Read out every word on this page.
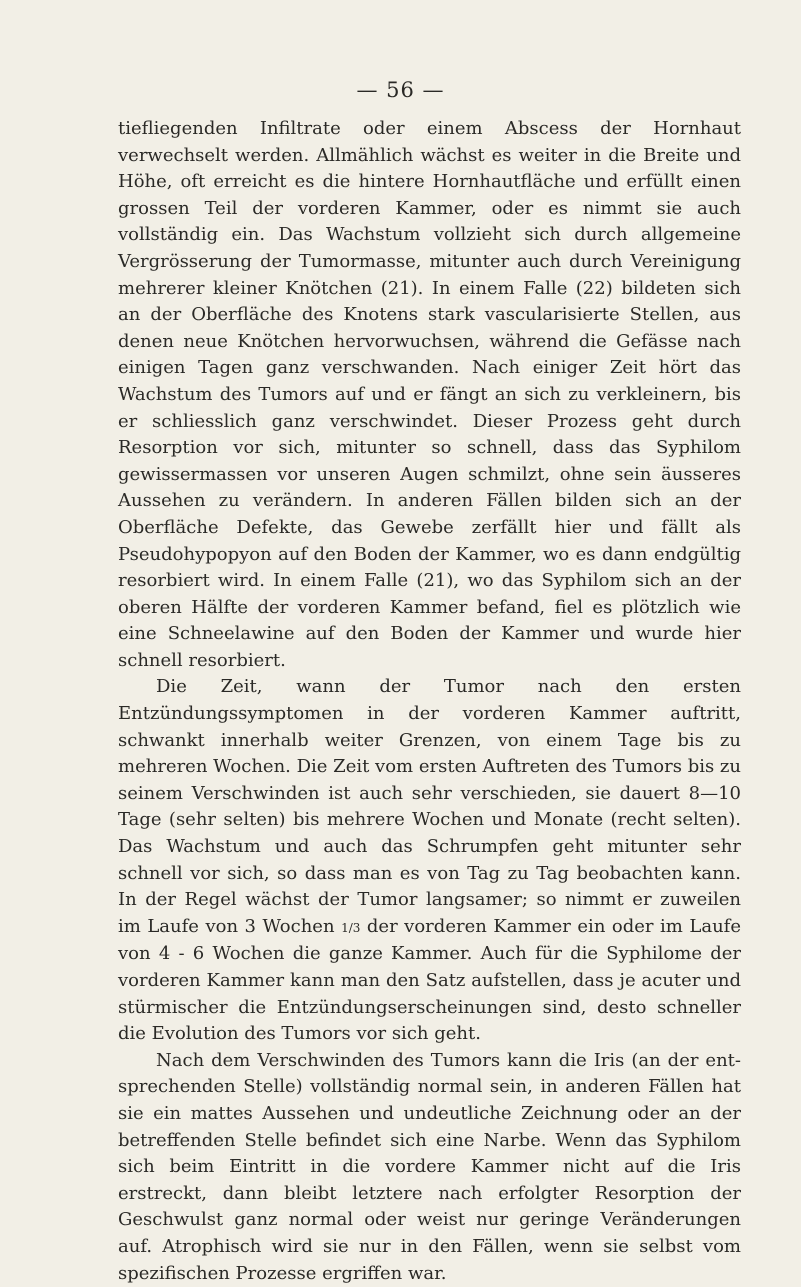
— 56 —

tiefliegenden Infiltrate oder einem Abscess der Hornhaut verwechselt werden. Allmählich wächst es weiter in die Breite und Höhe, oft erreicht es die hintere Hornhautfläche und erfüllt einen grossen Teil der vorderen Kammer, oder es nimmt sie auch vollständig ein. Das Wachstum vollzieht sich durch allgemeine Vergrösserung der Tumormasse, mitunter auch durch Vereinigung mehrerer kleiner Knötchen (21). In einem Falle (22) bildeten sich an der Oberfläche des Knotens stark vascularisierte Stellen, aus denen neue Knötchen hervorwuchsen, während die Gefässe nach einigen Tagen ganz verschwanden. Nach einiger Zeit hört das Wachstum des Tumors auf und er fängt an sich zu verkleinern, bis er schliesslich ganz verschwindet. Dieser Prozess geht durch Resorption vor sich, mitunter so schnell, dass das Syphilom gewissermassen vor unseren Augen schmilzt, ohne sein äusseres Aussehen zu verändern. In anderen Fällen bilden sich an der Oberfläche Defekte, das Gewebe zerfällt hier und fällt als Pseudohypopyon auf den Boden der Kammer, wo es dann endgültig resorbiert wird. In einem Falle (21), wo das Syphilom sich an der oberen Hälfte der vorderen Kammer befand, fiel es plötzlich wie eine Schneelawine auf den Boden der Kammer und wurde hier schnell resorbiert.

Die Zeit, wann der Tumor nach den ersten Entzündungssymptomen in der vorderen Kammer auftritt, schwankt innerhalb weiter Grenzen, von einem Tage bis zu mehreren Wochen. Die Zeit vom ersten Auftreten des Tumors bis zu seinem Verschwinden ist auch sehr verschieden, sie dauert 8—10 Tage (sehr selten) bis mehrere Wochen und Monate (recht selten). Das Wachstum und auch das Schrumpfen geht mitunter sehr schnell vor sich, so dass man es von Tag zu Tag beobachten kann. In der Regel wächst der Tumor langsamer; so nimmt er zuweilen im Laufe von 3 Wochen 1/3 der vorderen Kammer ein oder im Laufe von 4 - 6 Wochen die ganze Kammer. Auch für die Syphilome der vorderen Kammer kann man den Satz aufstellen, dass je acuter und stürmischer die Entzündungserscheinungen sind, desto schneller die Evolution des Tumors vor sich geht.

Nach dem Verschwinden des Tumors kann die Iris (an der entsprechenden Stelle) vollständig normal sein, in anderen Fällen hat sie ein mattes Aussehen und undeutliche Zeichnung oder an der betreffenden Stelle befindet sich eine Narbe. Wenn das Syphilom sich beim Eintritt in die vordere Kammer nicht auf die Iris erstreckt, dann bleibt letztere nach erfolgter Resorption der Geschwulst ganz normal oder weist nur geringe Veränderungen auf. Atrophisch wird sie nur in den Fällen, wenn sie selbst vom spezifischen Prozesse ergriffen war.
